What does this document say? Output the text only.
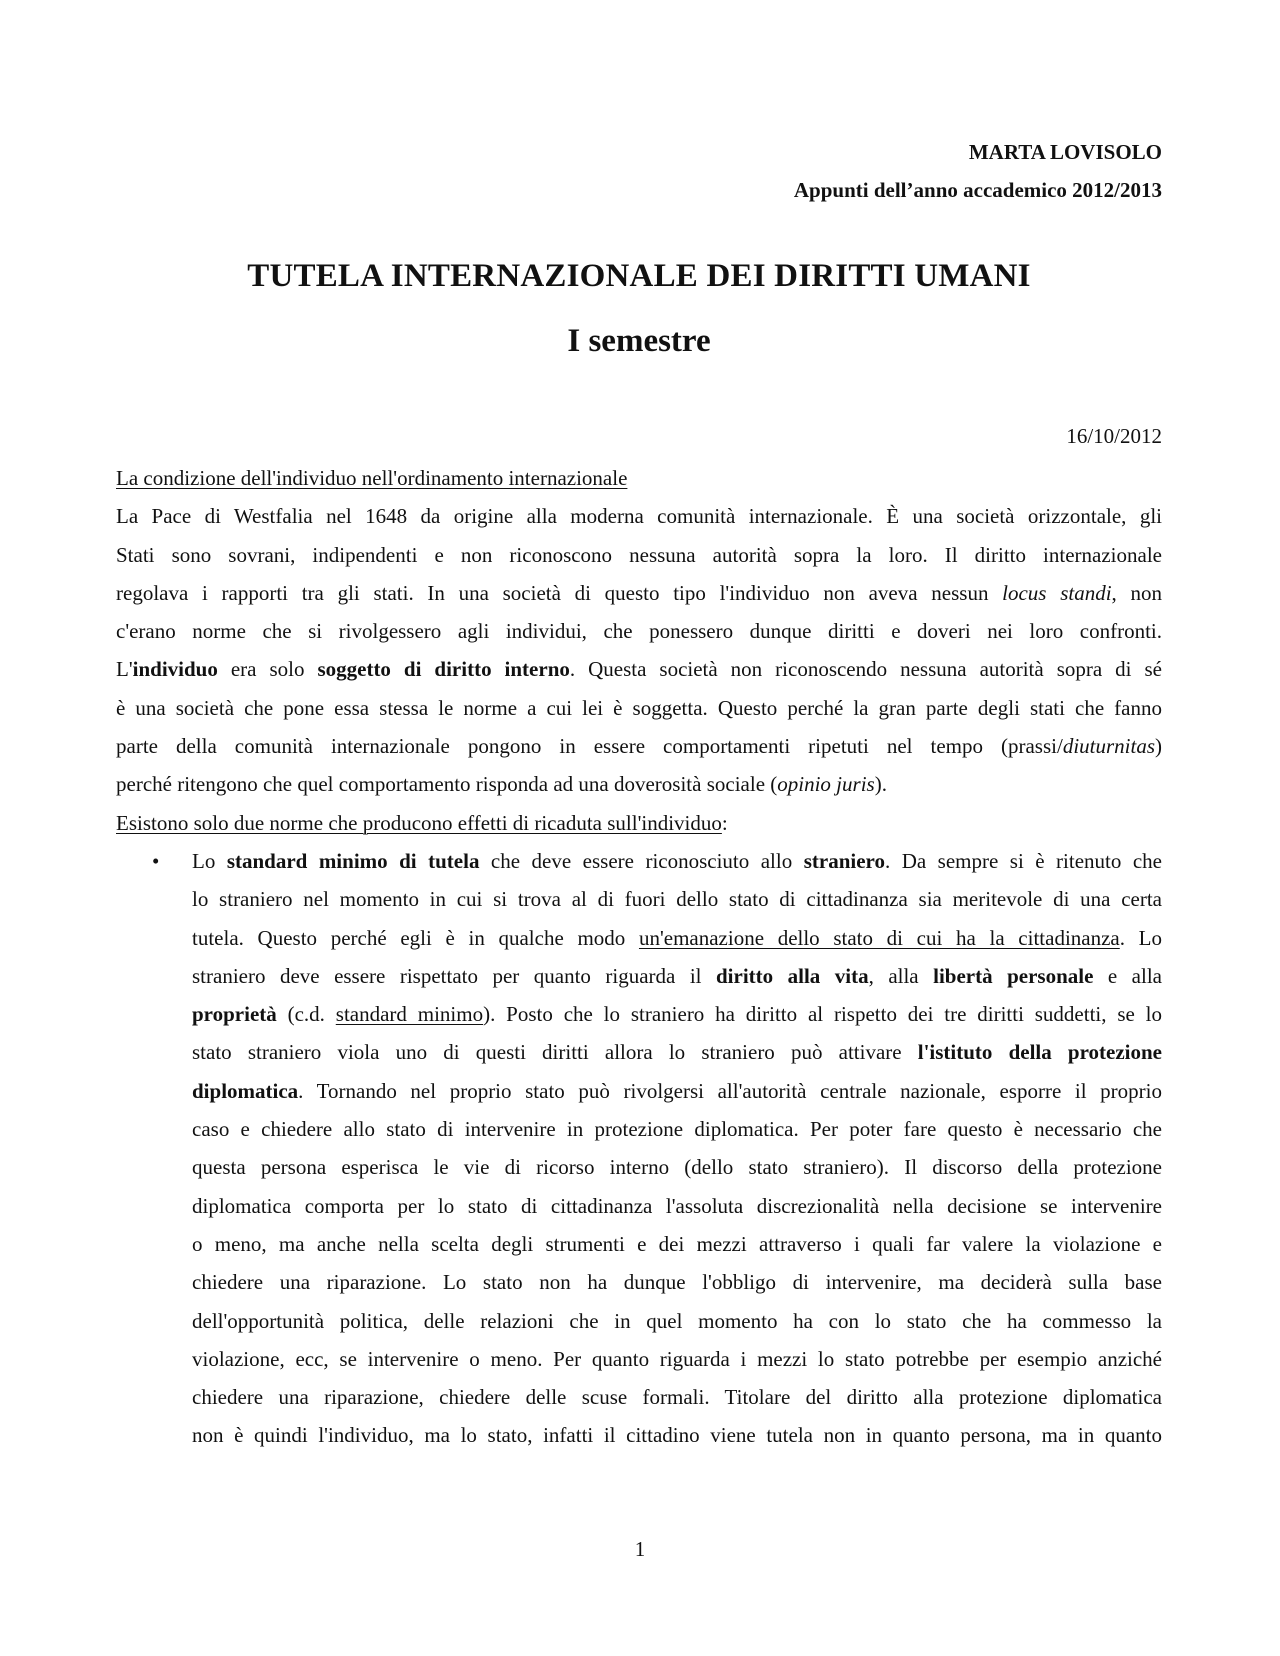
MARTA LOVISOLO
Appunti dell’anno accademico 2012/2013
TUTELA INTERNAZIONALE DEI DIRITTI UMANI
I semestre
16/10/2012
La condizione dell'individuo nell'ordinamento internazionale
La Pace di Westfalia nel 1648 da origine alla moderna comunità internazionale. È una società orizzontale, gli
Stati sono sovrani, indipendenti e non riconoscono nessuna autorità sopra la loro. Il diritto internazionale
regolava i rapporti tra gli stati. In una società di questo tipo l'individuo non aveva nessun locus standi, non
c'erano norme che si rivolgessero agli individui, che ponessero dunque diritti e doveri nei loro confronti.
L'individuo era solo soggetto di diritto interno. Questa società non riconoscendo nessuna autorità sopra di sé
è una società che pone essa stessa le norme a cui lei è soggetta. Questo perché la gran parte degli stati che fanno
parte della comunità internazionale pongono in essere comportamenti ripetuti nel tempo (prassi/diuturnitas)
perché ritengono che quel comportamento risponda ad una doverosità sociale (opinio juris).
Esistono solo due norme che producono effetti di ricaduta sull'individuo:
• Lo standard minimo di tutela che deve essere riconosciuto allo straniero. Da sempre si è ritenuto che
lo straniero nel momento in cui si trova al di fuori dello stato di cittadinanza sia meritevole di una certa
tutela. Questo perché egli è in qualche modo un'emanazione dello stato di cui ha la cittadinanza. Lo
straniero deve essere rispettato per quanto riguarda il diritto alla vita, alla libertà personale e alla
proprietà (c.d. standard minimo). Posto che lo straniero ha diritto al rispetto dei tre diritti suddetti, se lo
stato straniero viola uno di questi diritti allora lo straniero può attivare l'istituto della protezione
diplomatica. Tornando nel proprio stato può rivolgersi all'autorità centrale nazionale, esporre il proprio
caso e chiedere allo stato di intervenire in protezione diplomatica. Per poter fare questo è necessario che
questa persona esperisca le vie di ricorso interno (dello stato straniero). Il discorso della protezione
diplomatica comporta per lo stato di cittadinanza l'assoluta discrezionalità nella decisione se intervenire
o meno, ma anche nella scelta degli strumenti e dei mezzi attraverso i quali far valere la violazione e
chiedere una riparazione. Lo stato non ha dunque l'obbligo di intervenire, ma deciderà sulla base
dell'opportunità politica, delle relazioni che in quel momento ha con lo stato che ha commesso la
violazione, ecc, se intervenire o meno. Per quanto riguarda i mezzi lo stato potrebbe per esempio anziché
chiedere una riparazione, chiedere delle scuse formali. Titolare del diritto alla protezione diplomatica
non è quindi l'individuo, ma lo stato, infatti il cittadino viene tutela non in quanto persona, ma in quanto
1
